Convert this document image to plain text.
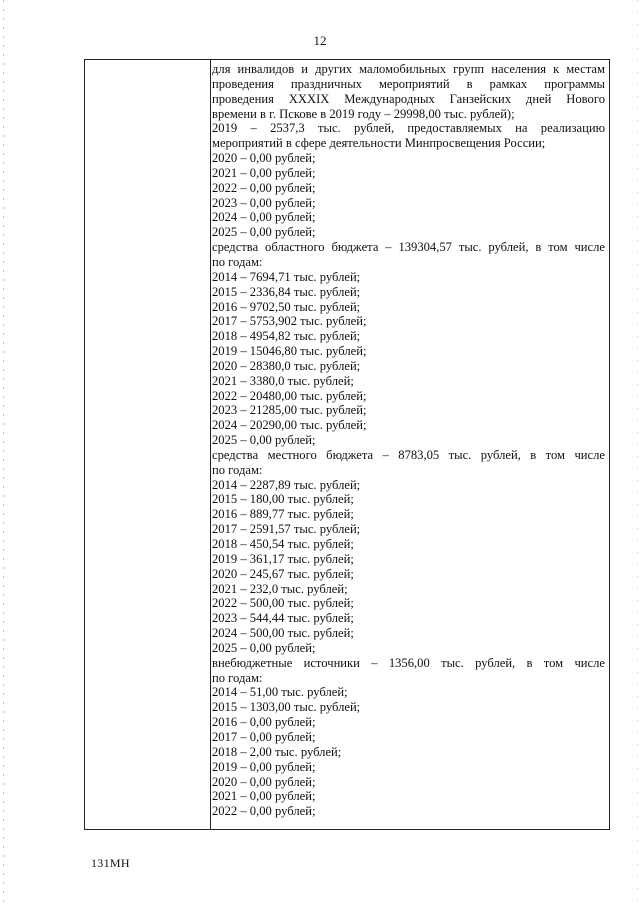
12
для инвалидов и других маломобильных групп населения к местам
проведения праздничных мероприятий в рамках программы
проведения XXXIX Международных Ганзейских дней Нового
времени в г. Пскове в 2019 году – 29998,00 тыс. рублей);
2019 – 2537,3 тыс. рублей, предоставляемых на реализацию
мероприятий в сфере деятельности Минпросвещения России;
2020 – 0,00 рублей;
2021 – 0,00 рублей;
2022 – 0,00 рублей;
2023 – 0,00 рублей;
2024 – 0,00 рублей;
2025 – 0,00 рублей;
средства областного бюджета – 139304,57 тыс. рублей, в том числе
по годам:
2014 – 7694,71 тыс. рублей;
2015 – 2336,84 тыс. рублей;
2016 – 9702,50 тыс. рублей;
2017 – 5753,902 тыс. рублей;
2018 – 4954,82 тыс. рублей;
2019 – 15046,80 тыс. рублей;
2020 – 28380,0 тыс. рублей;
2021 – 3380,0 тыс. рублей;
2022 – 20480,00 тыс. рублей;
2023 – 21285,00 тыс. рублей;
2024 – 20290,00 тыс. рублей;
2025 – 0,00 рублей;
средства местного бюджета – 8783,05 тыс. рублей, в том числе
по годам:
2014 – 2287,89 тыс. рублей;
2015 – 180,00 тыс. рублей;
2016 – 889,77 тыс. рублей;
2017 – 2591,57 тыс. рублей;
2018 – 450,54 тыс. рублей;
2019 – 361,17 тыс. рублей;
2020 – 245,67 тыс. рублей;
2021 – 232,0 тыс. рублей;
2022 – 500,00 тыс. рублей;
2023 – 544,44 тыс. рублей;
2024 – 500,00 тыс. рублей;
2025 – 0,00 рублей;
внебюджетные источники – 1356,00 тыс. рублей, в том числе
по годам:
2014 – 51,00 тыс. рублей;
2015 – 1303,00 тыс. рублей;
2016 – 0,00 рублей;
2017 – 0,00 рублей;
2018 – 2,00 тыс. рублей;
2019 – 0,00 рублей;
2020 – 0,00 рублей;
2021 – 0,00 рублей;
2022 – 0,00 рублей;
131МН
